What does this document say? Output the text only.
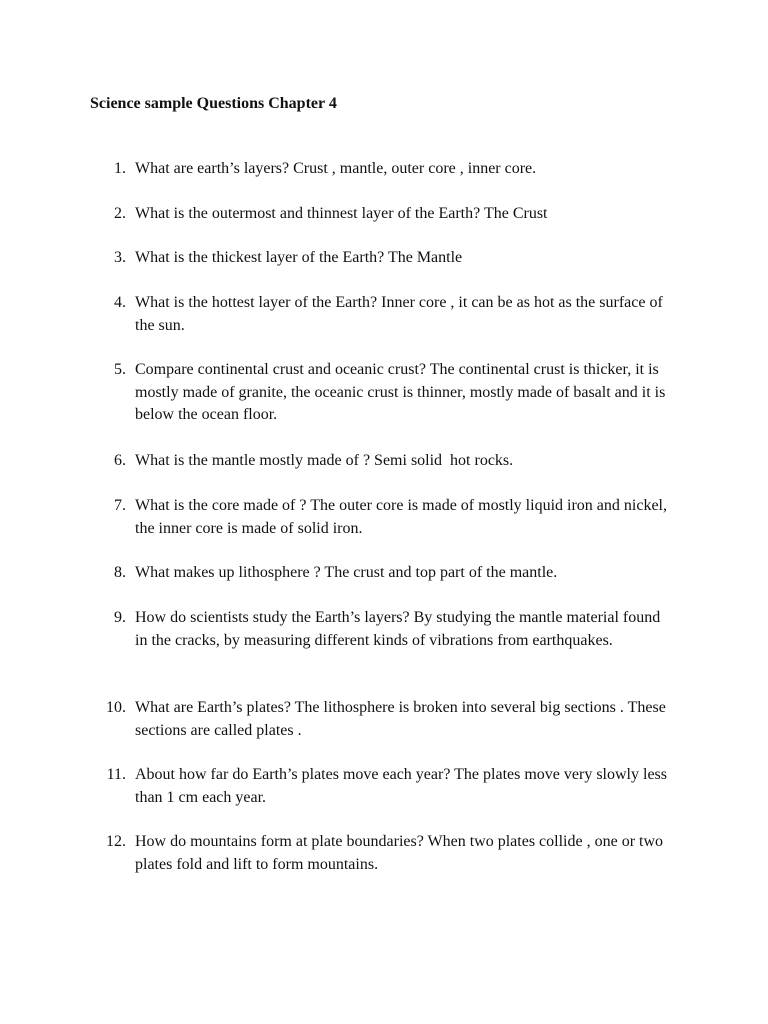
Science sample Questions Chapter 4
1. What are earth’s layers? Crust , mantle, outer core , inner core.
2. What is the outermost and thinnest layer of the Earth? The Crust
3. What is the thickest layer of the Earth? The Mantle
4. What is the hottest layer of the Earth? Inner core , it can be as hot as the surface of the sun.
5. Compare continental crust and oceanic crust? The continental crust is thicker, it is mostly made of granite, the oceanic crust is thinner, mostly made of basalt and it is below the ocean floor.
6. What is the mantle mostly made of ? Semi solid  hot rocks.
7. What is the core made of ? The outer core is made of mostly liquid iron and nickel, the inner core is made of solid iron.
8. What makes up lithosphere ? The crust and top part of the mantle.
9. How do scientists study the Earth’s layers? By studying the mantle material found in the cracks, by measuring different kinds of vibrations from earthquakes.
10. What are Earth’s plates? The lithosphere is broken into several big sections . These sections are called plates .
11. About how far do Earth’s plates move each year? The plates move very slowly less than 1 cm each year.
12. How do mountains form at plate boundaries? When two plates collide , one or two plates fold and lift to form mountains.
